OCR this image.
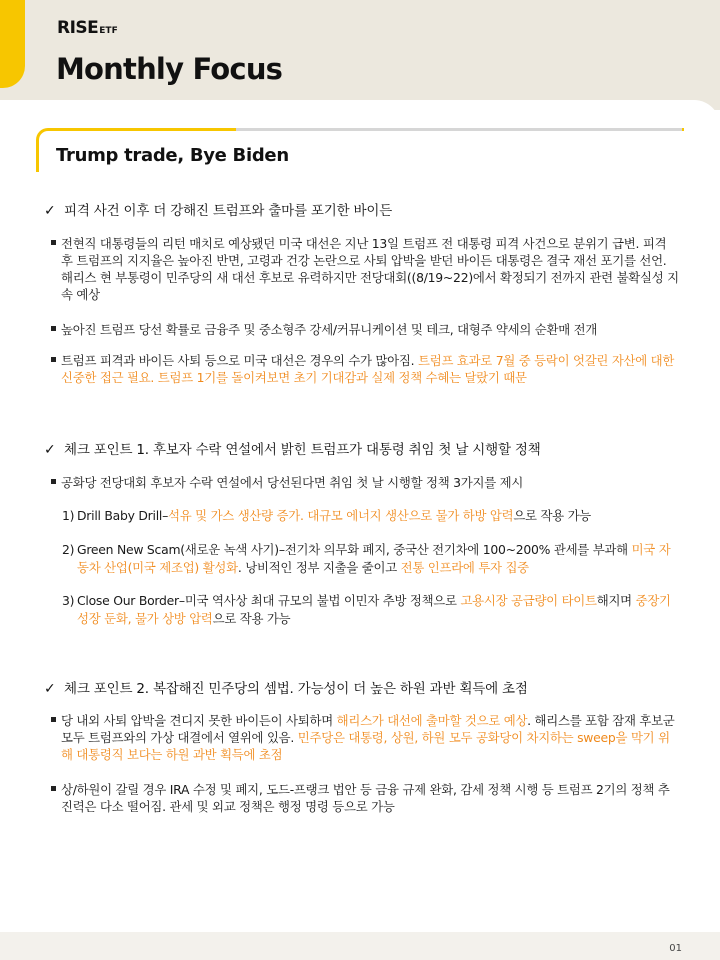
RISEETF
Monthly Focus
Trump trade, Bye Biden
✓ 피격 사건 이후 더 강해진 트럼프와 출마를 포기한 바이든
전현직 대통령들의 리턴 매치로 예상됐던 미국 대선은 지난 13일 트럼프 전 대통령 피격 사건으로 분위기 급변. 피격 후 트럼프의 지지율은 높아진 반면, 고령과 건강 논란으로 사퇴 압박을 받던 바이든 대통령은 결국 재선 포기를 선언. 해리스 현 부통령이 민주당의 새 대선 후보로 유력하지만 전당대회((8/19~22)에서 확정되기 전까지 관련 불확실성 지속 예상
높아진 트럼프 당선 확률로 금융주 및 중소형주 강세/커뮤니케이션 및 테크, 대형주 약세의 순환매 전개
트럼프 피격과 바이든 사퇴 등으로 미국 대선은 경우의 수가 많아짐. 트럼프 효과로 7월 중 등락이 엇갈린 자산에 대한 신중한 접근 필요. 트럼프 1기를 돌이켜보면 초기 기대감과 실제 정책 수혜는 달랐기 때문
✓ 체크 포인트 1. 후보자 수락 연설에서 밝힌 트럼프가 대통령 취임 첫 날 시행할 정책
공화당 전당대회 후보자 수락 연설에서 당선된다면 취임 첫 날 시행할 정책 3가지를 제시
1) Drill Baby Drill–석유 및 가스 생산량 증가. 대규모 에너지 생산으로 물가 하방 압력으로 작용 가능
2) Green New Scam(새로운 녹색 사기)–전기차 의무화 폐지, 중국산 전기차에 100~200% 관세를 부과해 미국 자동차 산업(미국 제조업) 활성화. 낭비적인 정부 지출을 줄이고 전통 인프라에 투자 집중
3) Close Our Border–미국 역사상 최대 규모의 불법 이민자 추방 정책으로 고용시장 공급량이 타이트해지며 중장기 성장 둔화, 물가 상방 압력으로 작용 가능
✓ 체크 포인트 2. 복잡해진 민주당의 셈법. 가능성이 더 높은 하원 과반 획득에 초점
당 내외 사퇴 압박을 견디지 못한 바이든이 사퇴하며 해리스가 대선에 출마할 것으로 예상. 해리스를 포함 잠재 후보군 모두 트럼프와의 가상 대결에서 열위에 있음. 민주당은 대통령, 상원, 하원 모두 공화당이 차지하는 sweep을 막기 위해 대통령직 보다는 하원 과반 획득에 초점
상/하원이 갈릴 경우 IRA 수정 및 폐지, 도드-프랭크 법안 등 금융 규제 완화, 감세 정책 시행 등 트럼프 2기의 정책 추진력은 다소 떨어짐. 관세 및 외교 정책은 행정 명령 등으로 가능
01
